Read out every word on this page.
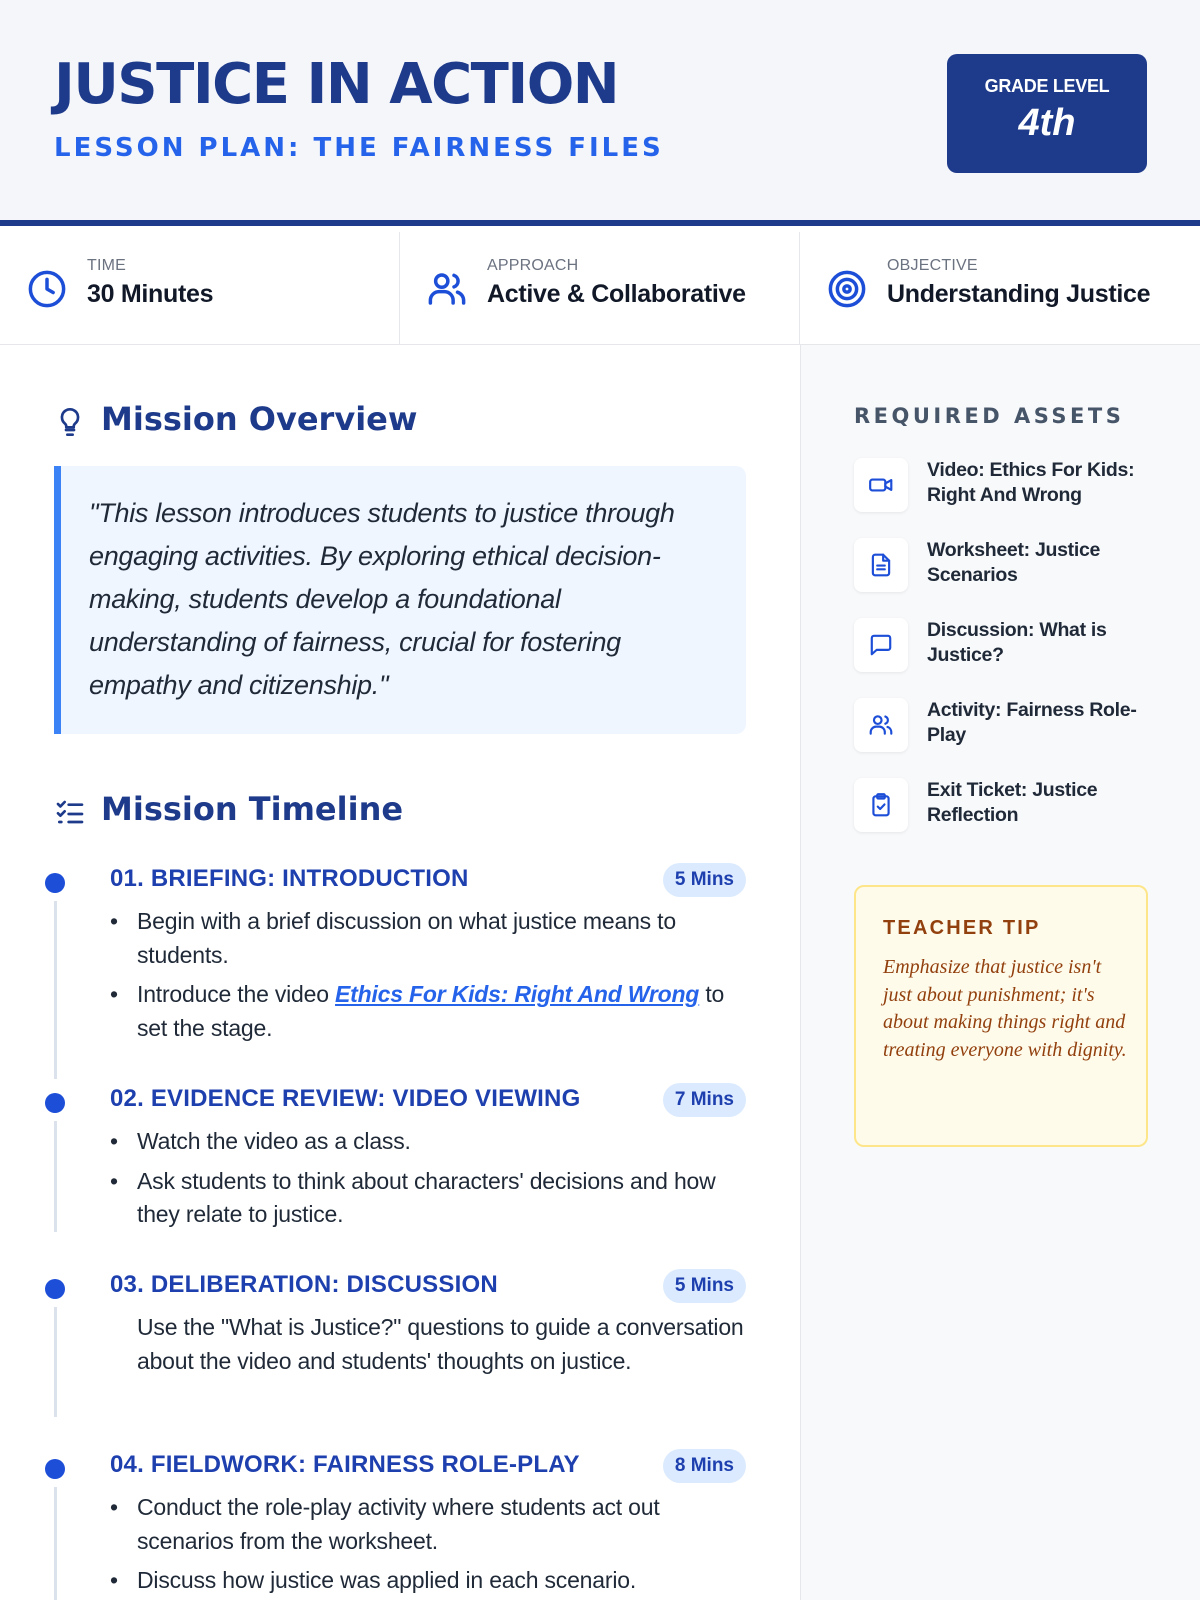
JUSTICE IN ACTION
LESSON PLAN: THE FAIRNESS FILES
GRADE LEVEL
4th
TIME
30 Minutes
APPROACH
Active & Collaborative
OBJECTIVE
Understanding Justice
REQUIRED ASSETS
Video: Ethics For Kids: Right And Wrong
Worksheet: Justice Scenarios
Discussion: What is Justice?
Activity: Fairness Role-Play
Exit Ticket: Justice Reflection
TEACHER TIP
Emphasize that justice isn't just about punishment; it's about making things right and treating everyone with dignity.
Mission Overview

"This lesson introduces students to justice through engaging activities. By exploring ethical decision-making, students develop a foundational understanding of fairness, crucial for fostering empathy and citizenship."

Mission Timeline
01. BRIEFING: INTRODUCTION	5 Mins
• Begin with a brief discussion on what justice means to students.
• Introduce the video Ethics For Kids: Right And Wrong to set the stage.
02. EVIDENCE REVIEW: VIDEO VIEWING	7 Mins
• Watch the video as a class.
• Ask students to think about characters' decisions and how they relate to justice.
03. DELIBERATION: DISCUSSION	5 Mins

Use the "What is Justice?" questions to guide a conversation about the video and students' thoughts on justice.

04. FIELDWORK: FAIRNESS ROLE-PLAY	8 Mins
• Conduct the role-play activity where students act out scenarios from the worksheet.
• Discuss how justice was applied in each scenario.
